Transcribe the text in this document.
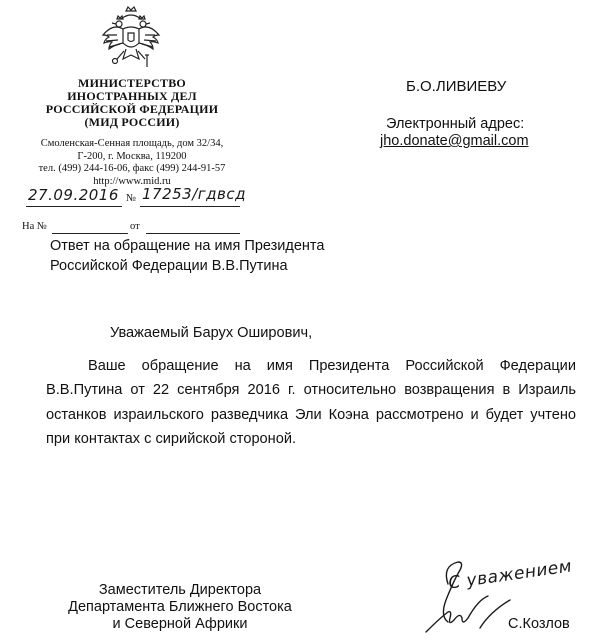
МИНИСТЕРСТВО
ИНОСТРАННЫХ ДЕЛ
РОССИЙСКОЙ ФЕДЕРАЦИИ
(МИД РОССИИ)
Смоленская-Сенная площадь, дом 32/34,
Г-200, г. Москва, 119200
тел. (499) 244-16-06, факс (499) 244-91-57
http://www.mid.ru
27.09.2016 № 17253/гдвсд
На №	от
Ответ на обращение на имя Президента
Российской Федерации В.В.Путина
Б.О.ЛИВИЕВУ
Электронный адрес:
jho.donate@gmail.com
Уважаемый Барух Оширович,
Ваше обращение на имя Президента Российской Федерации
В.В.Путина от 22 сентября 2016 г. относительно возвращения в Израиль
останков израильского разведчика Эли Коэна рассмотрено и будет учтено
при контактах с сирийской стороной.
Заместитель Директора
Департамента Ближнего Востока
и Северной Африки
С уважением
С.Козлов
